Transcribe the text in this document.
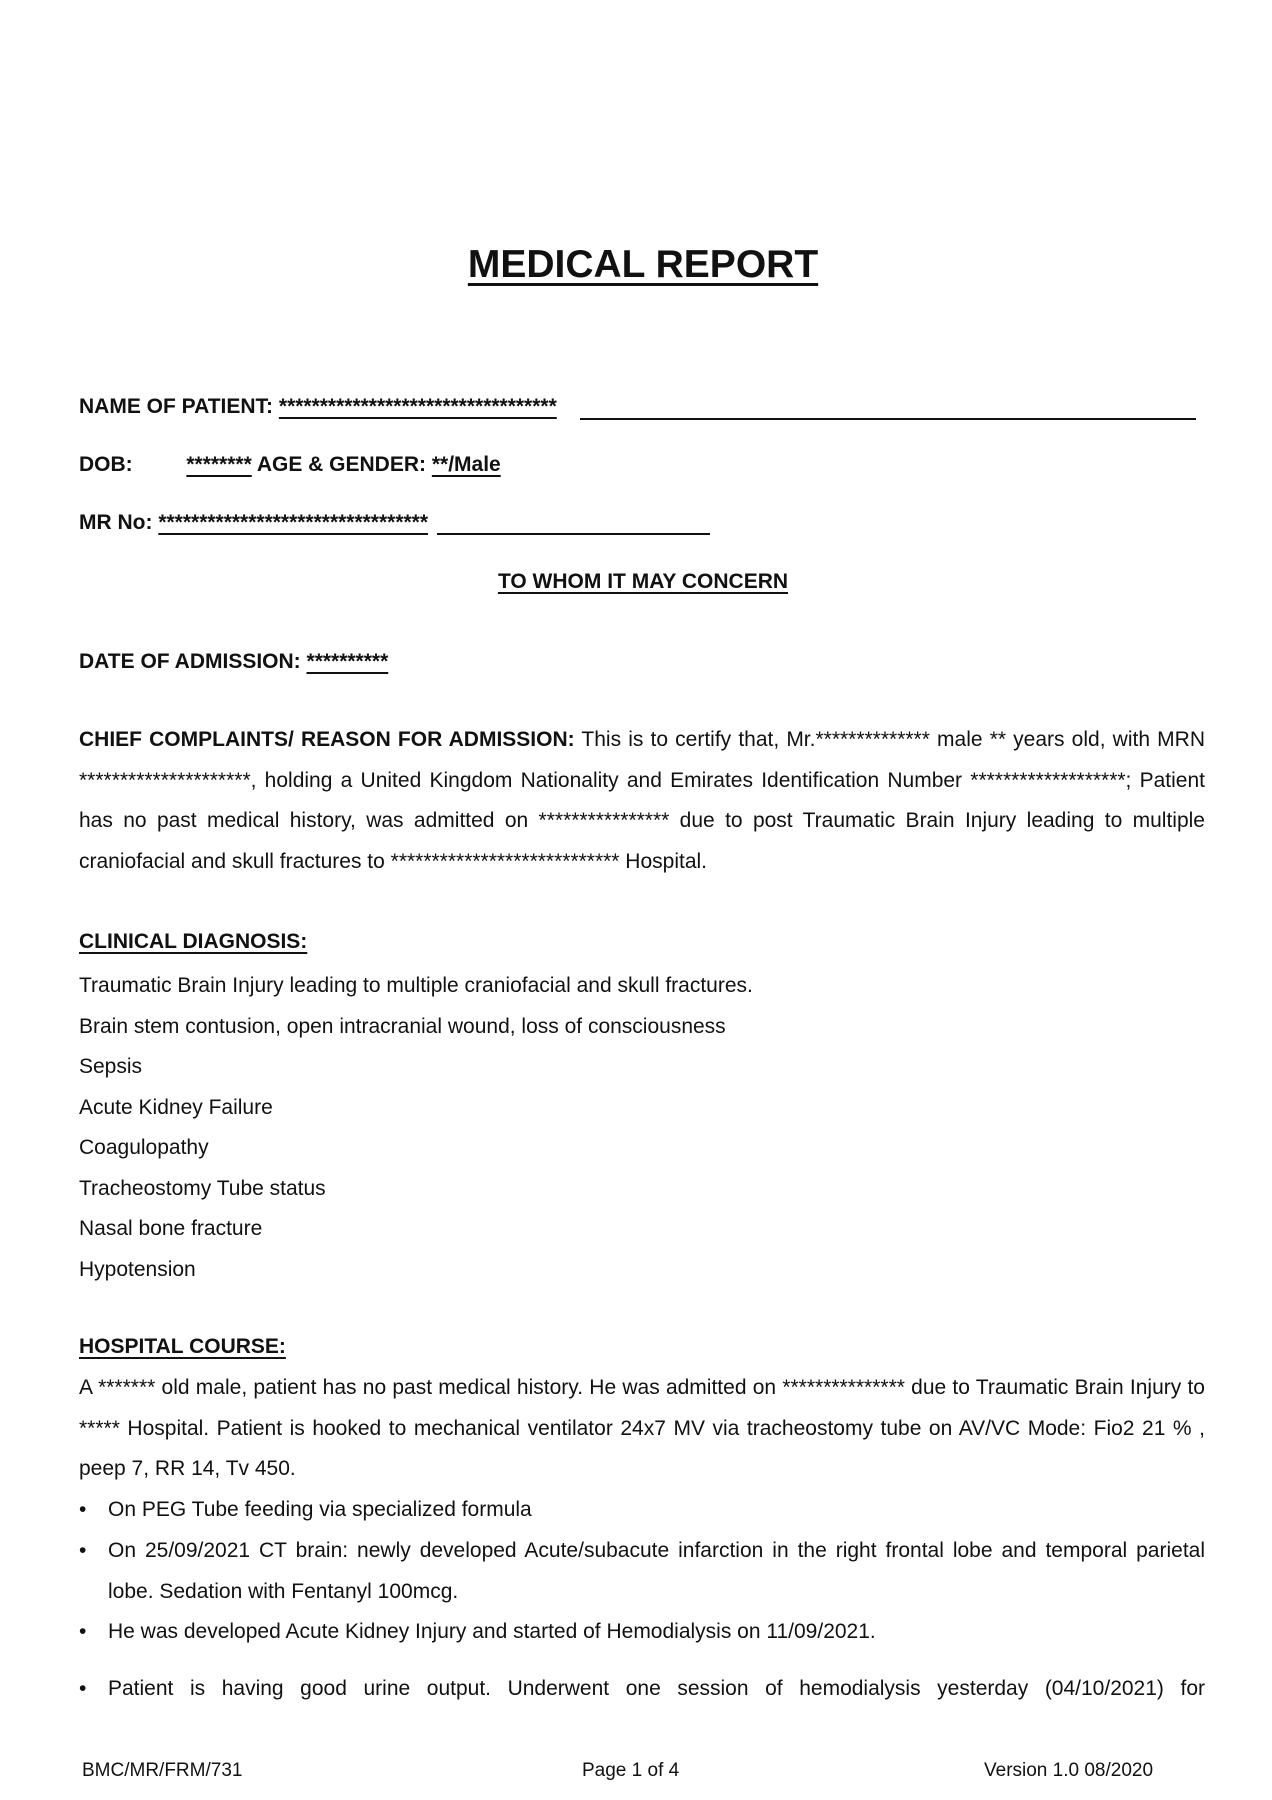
MEDICAL REPORT
NAME OF PATIENT: **********************************
DOB:	******** AGE & GENDER: **/Male
MR No: *********************************
TO WHOM IT MAY CONCERN
DATE OF ADMISSION: **********
CHIEF COMPLAINTS/ REASON FOR ADMISSION: This is to certify that, Mr.************** male ** years old, with MRN *********************, holding a United Kingdom Nationality and Emirates Identification Number *******************; Patient has no past medical history, was admitted on **************** due to post Traumatic Brain Injury leading to multiple craniofacial and skull fractures to **************************** Hospital.
CLINICAL DIAGNOSIS:
Traumatic Brain Injury leading to multiple craniofacial and skull fractures.
Brain stem contusion, open intracranial wound, loss of consciousness
Sepsis
Acute Kidney Failure
Coagulopathy
Tracheostomy Tube status
Nasal bone fracture
Hypotension
HOSPITAL COURSE:
A ******* old male, patient has no past medical history. He was admitted on *************** due to Traumatic Brain Injury to ***** Hospital. Patient is hooked to mechanical ventilator 24x7 MV via tracheostomy tube on AV/VC Mode: Fio2 21 % , peep 7, RR 14, Tv 450.
•	On PEG Tube feeding via specialized formula
•	On 25/09/2021 CT brain: newly developed Acute/subacute infarction in the right frontal lobe and temporal parietal lobe. Sedation with Fentanyl 100mcg.
•	He was developed Acute Kidney Injury and started of Hemodialysis on 11/09/2021.
•	Patient is having good urine output. Underwent one session of hemodialysis yesterday (04/10/2021) for
BMC/MR/FRM/731	Page 1 of 4	Version 1.0 08/2020
